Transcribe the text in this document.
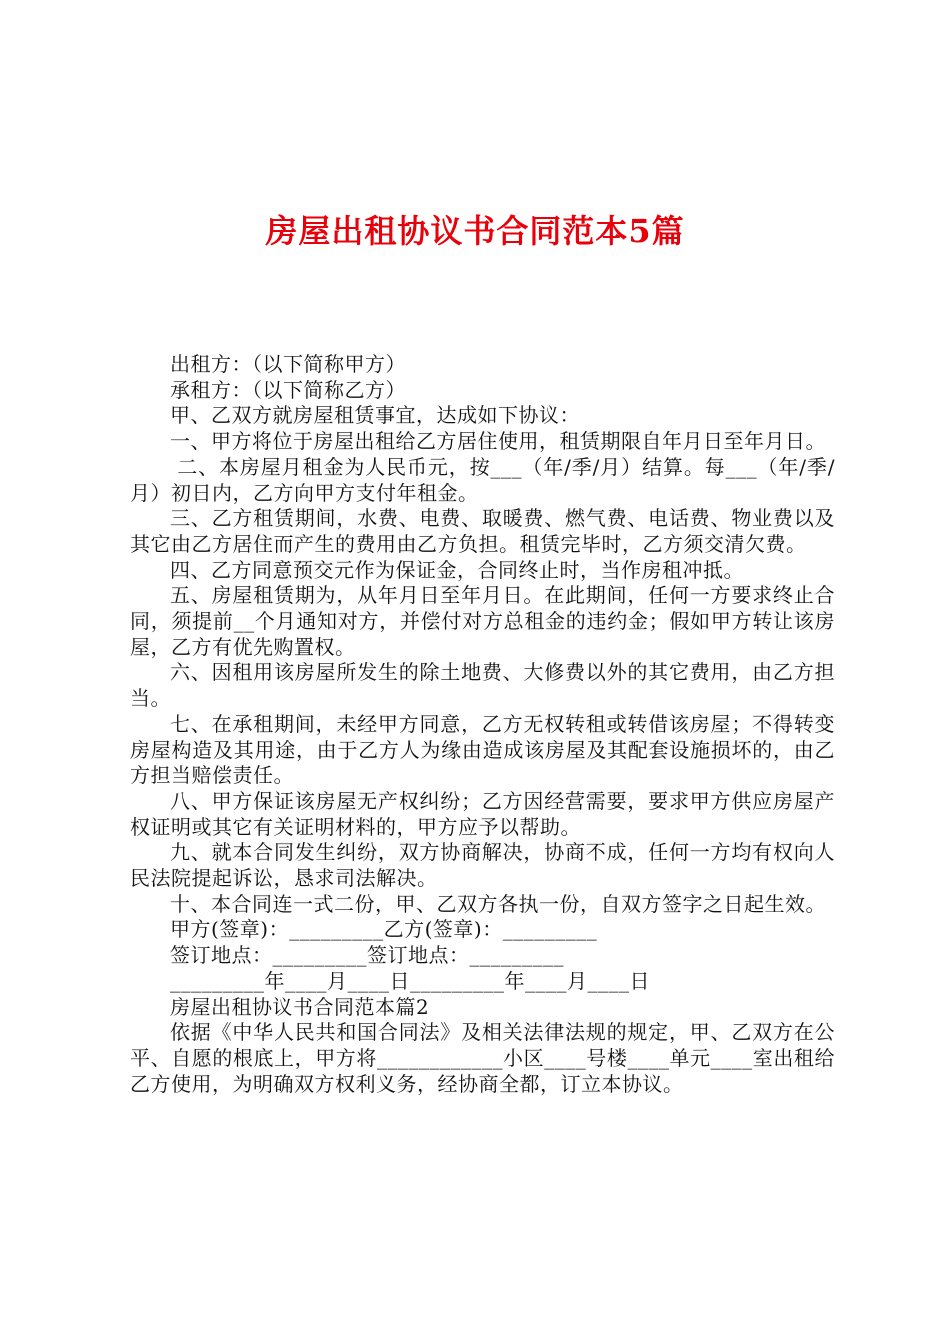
房屋出租协议书合同范本5篇

出租方：（以下简称甲方）

承租方：（以下简称乙方）

甲、乙双方就房屋租赁事宜，达成如下协议：

一、甲方将位于房屋出租给乙方居住使用，租赁期限自年月日至年月日。

二、本房屋月租金为人民币元，按___（年/季/月）结算。每___（年/季/月）初日内，乙方向甲方支付年租金。

三、乙方租赁期间，水费、电费、取暖费、燃气费、电话费、物业费以及其它由乙方居住而产生的费用由乙方负担。租赁完毕时，乙方须交清欠费。

四、乙方同意预交元作为保证金，合同终止时，当作房租冲抵。

五、房屋租赁期为，从年月日至年月日。在此期间，任何一方要求终止合同，须提前__个月通知对方，并偿付对方总租金的违约金；假如甲方转让该房屋，乙方有优先购置权。

六、因租用该房屋所发生的除土地费、大修费以外的其它费用，由乙方担当。

七、在承租期间，未经甲方同意，乙方无权转租或转借该房屋；不得转变房屋构造及其用途，由于乙方人为缘由造成该房屋及其配套设施损坏的，由乙方担当赔偿责任。

八、甲方保证该房屋无产权纠纷；乙方因经营需要，要求甲方供应房屋产权证明或其它有关证明材料的，甲方应予以帮助。

九、就本合同发生纠纷，双方协商解决，协商不成，任何一方均有权向人民法院提起诉讼，恳求司法解决。

十、本合同连一式二份，甲、乙双方各执一份，自双方签字之日起生效。

甲方(签章)：_________乙方(签章)：_________

签订地点：_________签订地点：_________

_________年____月____日_________年____月____日

房屋出租协议书合同范本篇2

依据《中华人民共和国合同法》及相关法律法规的规定，甲、乙双方在公平、自愿的根底上，甲方将____________小区____号楼____单元____室出租给乙方使用，为明确双方权利义务，经协商全都，订立本协议。
